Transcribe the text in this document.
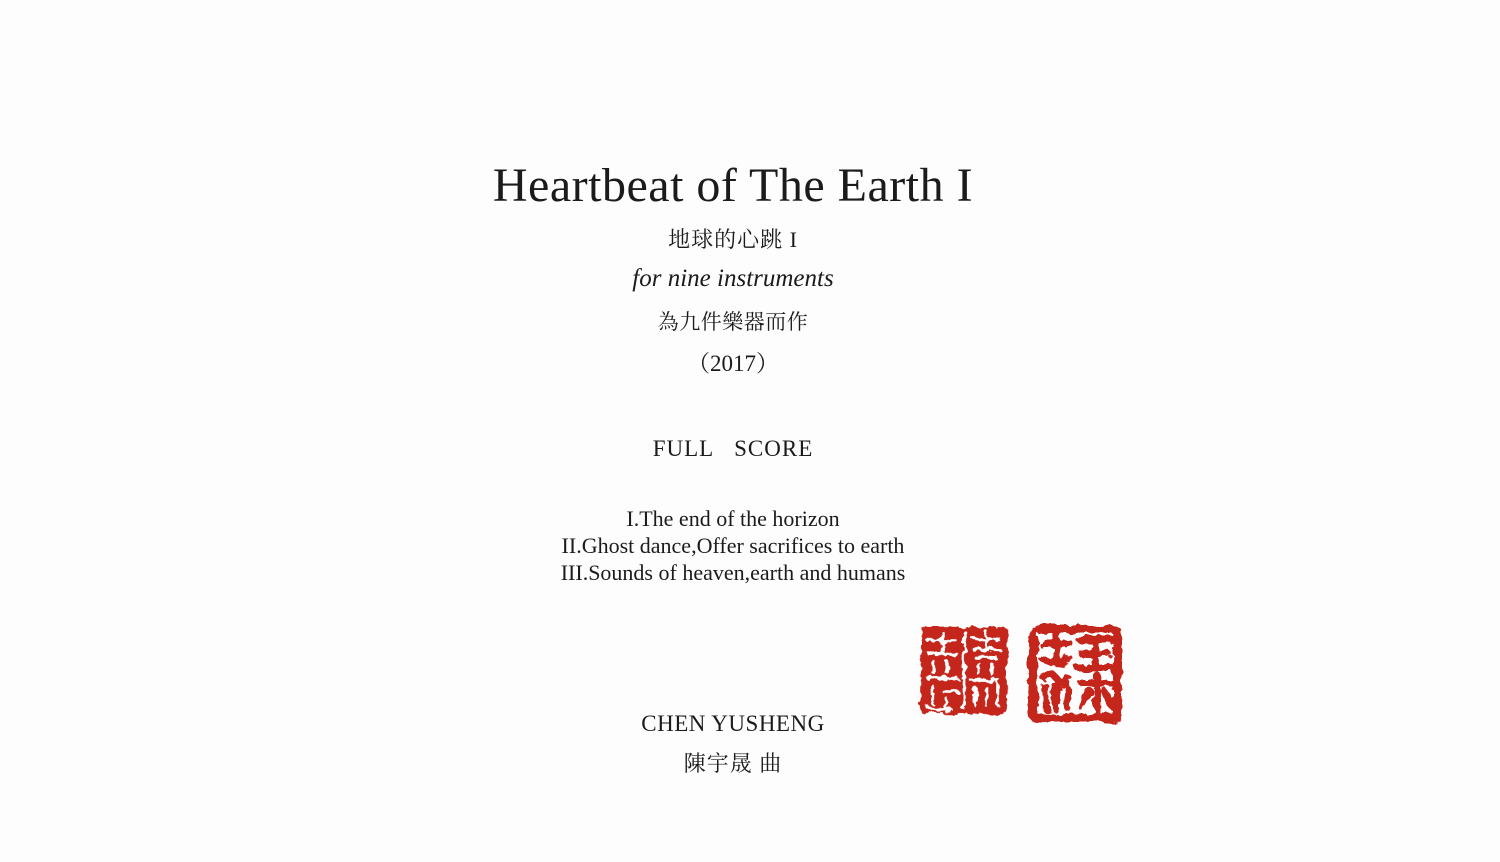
Heartbeat of The Earth I
地球的心跳 I
for nine instruments
為九件樂器而作
（2017）
FULL SCORE
I.The end of the horizon
II.Ghost dance,Offer sacrifices to earth
III.Sounds of heaven,earth and humans
CHEN YUSHENG
陳宇晟 曲
